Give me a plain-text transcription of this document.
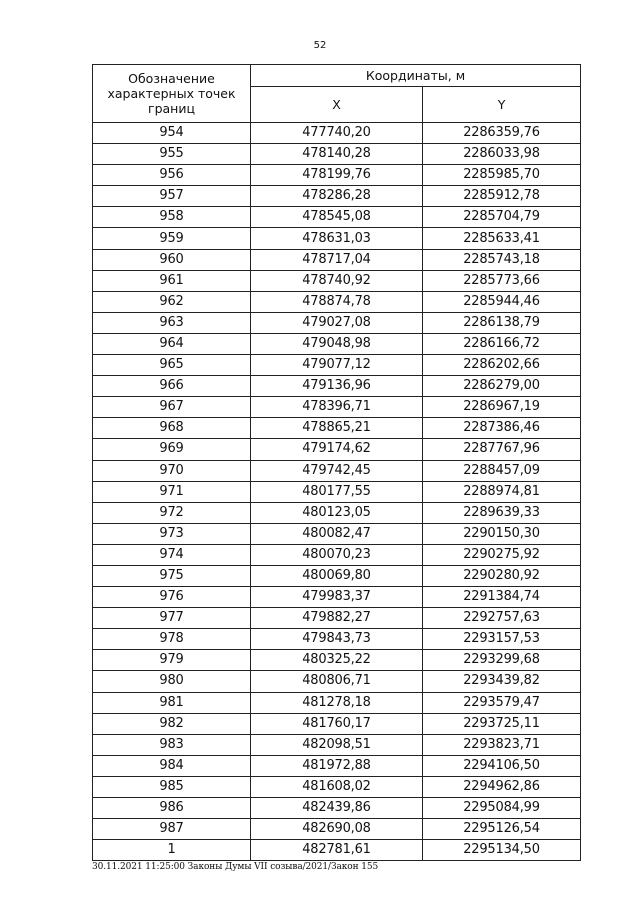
52
Обозначение характерных точек границ	Координаты, м	
	X	Y
954	477740,20	2286359,76
955	478140,28	2286033,98
956	478199,76	2285985,70
957	478286,28	2285912,78
958	478545,08	2285704,79
959	478631,03	2285633,41
960	478717,04	2285743,18
961	478740,92	2285773,66
962	478874,78	2285944,46
963	479027,08	2286138,79
964	479048,98	2286166,72
965	479077,12	2286202,66
966	479136,96	2286279,00
967	478396,71	2286967,19
968	478865,21	2287386,46
969	479174,62	2287767,96
970	479742,45	2288457,09
971	480177,55	2288974,81
972	480123,05	2289639,33
973	480082,47	2290150,30
974	480070,23	2290275,92
975	480069,80	2290280,92
976	479983,37	2291384,74
977	479882,27	2292757,63
978	479843,73	2293157,53
979	480325,22	2293299,68
980	480806,71	2293439,82
981	481278,18	2293579,47
982	481760,17	2293725,11
983	482098,51	2293823,71
984	481972,88	2294106,50
985	481608,02	2294962,86
986	482439,86	2295084,99
987	482690,08	2295126,54
1	482781,61	2295134,50
30.11.2021 11:25:00 Законы Думы VII созыва/2021/Закон 155
